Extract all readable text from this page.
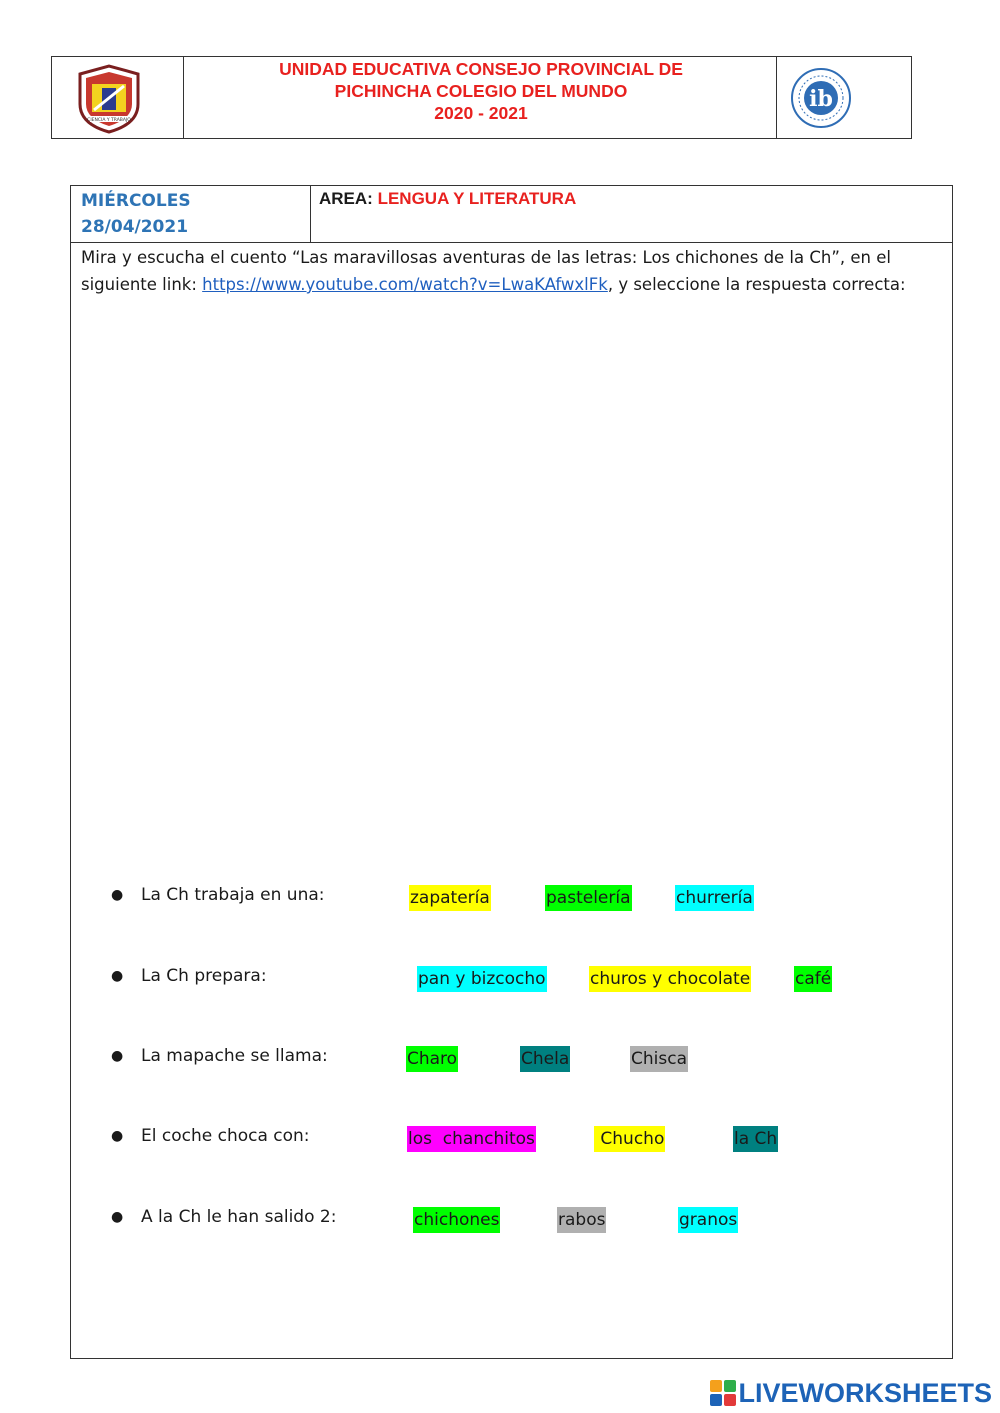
CIENCIA Y TRABAJO
UNIDAD EDUCATIVA CONSEJO PROVINCIAL DE
PICHINCHA COLEGIO DEL MUNDO
2020 - 2021
ib
MIÉRCOLES
28/04/2021
AREA: LENGUA Y LITERATURA
Mira y escucha el cuento “Las maravillosas aventuras de las letras: Los chichones de la Ch”, en el siguiente link: https://www.youtube.com/watch?v=LwaKAfwxlFk, y seleccione la respuesta correcta:
● La Ch trabaja en una:	zapatería	pastelería	churrería
● La Ch prepara:	pan y bizcocho	churos y chocolate	café
● La mapache se llama:	Charo	Chela	Chisca
● El coche choca con:	los  chanchitos	Chucho	la Ch
● A la Ch le han salido 2:	chichones	rabos	granos
LIVEWORKSHEETS
